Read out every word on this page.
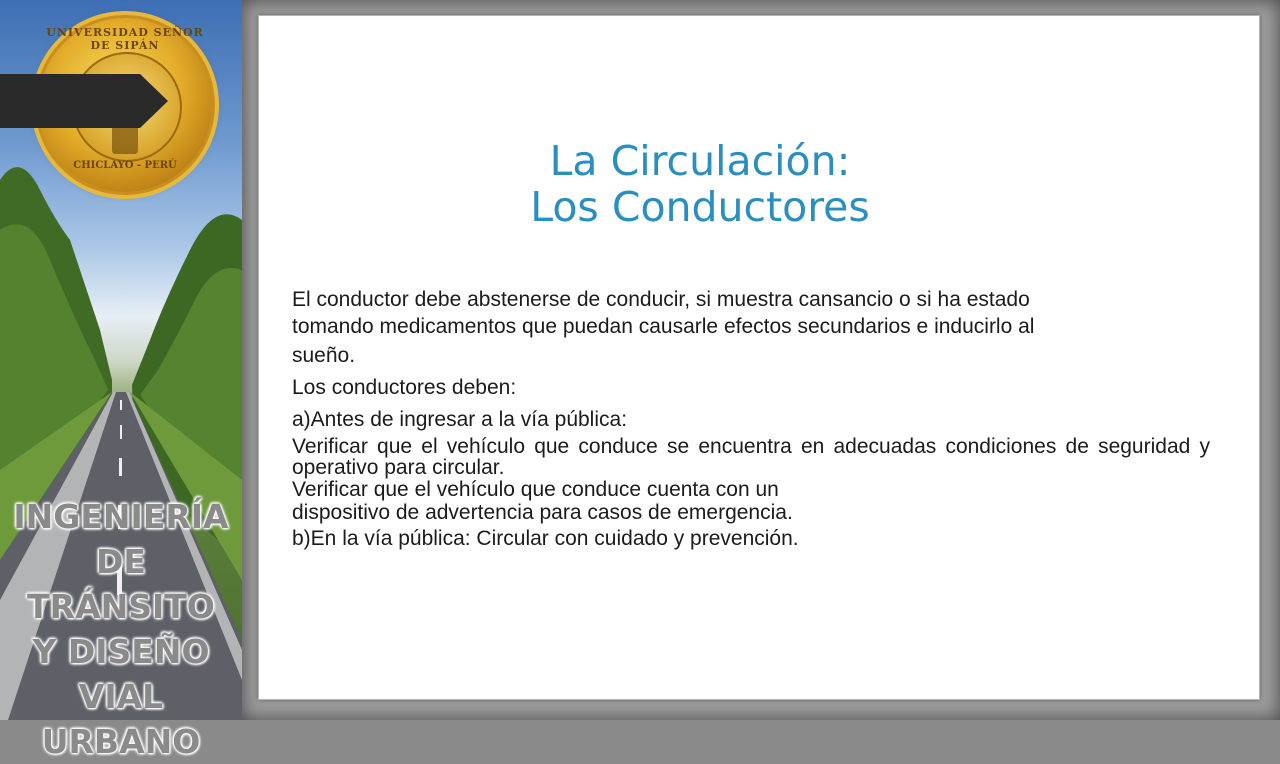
UNIVERSIDAD SEÑOR DE SIPÁN
CHICLAYO - PERÚ
INGENIERÍA
DE TRÁNSITO
Y DISEÑO
VIAL
URBANO
La Circulación:
Los Conductores

El conductor debe abstenerse de conducir, si muestra cansancio o si ha estado
tomando medicamentos que puedan causarle efectos secundarios e inducirlo al
sueño.

Los conductores deben:

a)Antes de ingresar a la vía pública:

Verificar que el vehículo que conduce se encuentra en adecuadas condiciones de seguridad y operativo para circular.

Verificar que el vehículo que conduce cuenta con un
dispositivo de advertencia para casos de emergencia.

b)En la vía pública: Circular con cuidado y prevención.
